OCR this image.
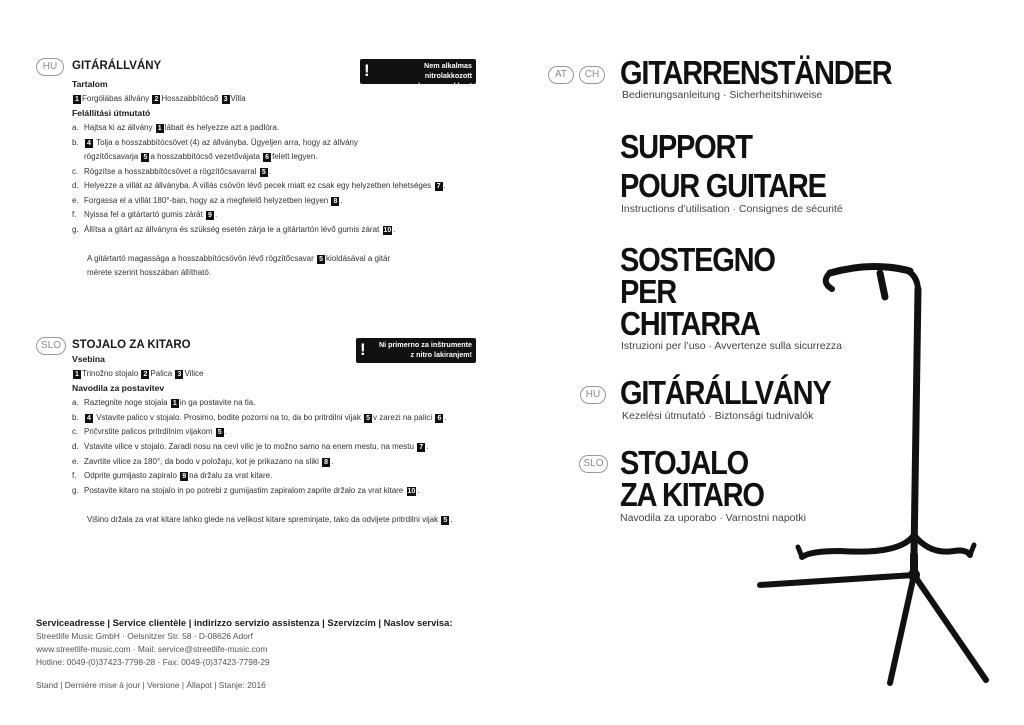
HU	GITÁRÁLLVÁNY	!	Nem alkalmas nitrolakkozott
hangszerekhez!
Tartalom
1 Forgólábas állvány 2 Hosszabbítócső 3 Villa
Felállítási útmutató
a. Hajtsa ki az állvány 1 lábait és helyezze azt a padlóra.
b. 4 Tolja a hosszabbítócsövet (4) az állványba. Ügyeljen arra, hogy az állvány
rögzítőcsavarja 5 a hosszabbítócső vezetővájata 6 felett legyen.
c. Rögzítse a hosszabbítócsövet a rögzítőcsavarral 5 .
d. Helyezze a villát az állványba. A villás csövön lévő pecek miatt ez csak egy helyzetben lehetséges 7 .
e. Forgassa el a villát 180°-ban, hogy az a megfelelő helyzetben legyen 8 .
f. Nyissa fel a gitártartó gumis zárát 9 .
g. Állítsa a gitárt az állványra és szükség esetén zárja le a gitártartón lévő gumis zárat 10 .
A gitártartó magassága a hosszabbítócsövön lévő rögzítőcsavar 5 kioldásával a gitár
mérete szerint hosszában állítható.
SLO STOJALO ZA KITARO	!	Ni primerno za inštrumente
z nitro lakiranjem!
Vsebina
1 Trinožno stojalo 2 Palica 3 Vilice
Navodila za postavitev
a. Raztegnite noge stojala 1 in ga postavite na tla.
b. 4 Vstavite palico v stojalo. Prosimo, bodite pozorni na to, da bo pritrdilni vijak 5 v zarezi na palici 6 .
c. Pričvrstite palicos pritrdilnim vijakom 5 .
d. Vstavite vilice v stojalo. Zaradi nosu na cevi vilic je to možno samo na enem mestu, na mestu 7 .
e. Zavrtite vilice za 180°, da bodo v položaju, kot je prikazano na sliki 8 .
f. Odprite gumijasto zapiralo 9 na držalu za vrat kitare.
g. Postavite kitaro na stojalo in po potrebi z gumijastim zapiralom zaprite držalo za vrat kitare 10 .
Višino držala za vrat kitare lahko glede na velikost kitare spreminjate, tako da odvijete pritrdilni vijak 5 .
Serviceadresse | Service clientèle | indirizzo servizio assistenza | Szervizcím | Naslov servisa:
Streetlife Music GmbH · Oelsnitzer Str. 58 · D-08626 Adorf
www.streetlife-music.com · Mail: service@streetlife-music.com
Hotline: 0049-(0)37423-7798-28 · Fax: 0049-(0)37423-7798-29
Stand | Dernière mise à jour | Versione | Állapot | Stanje: 2016
AT	CH GITARRENSTÄNDER
Bedienungsanleitung · Sicherheitshinweise
SUPPORT
POUR GUITARE
Instructions d’utilisation · Consignes de sécurité
SOSTEGNO
PER
CHITARRA
Istruzioni per l’uso · Avvertenze sulla sicurrezza
HU GITÁRÁLLVÁNY
Kezelési útmutató · Biztonsági tudnivalók
SLO STOJALO
ZA KITARO
Navodila za uporabo · Varnostni napotki
